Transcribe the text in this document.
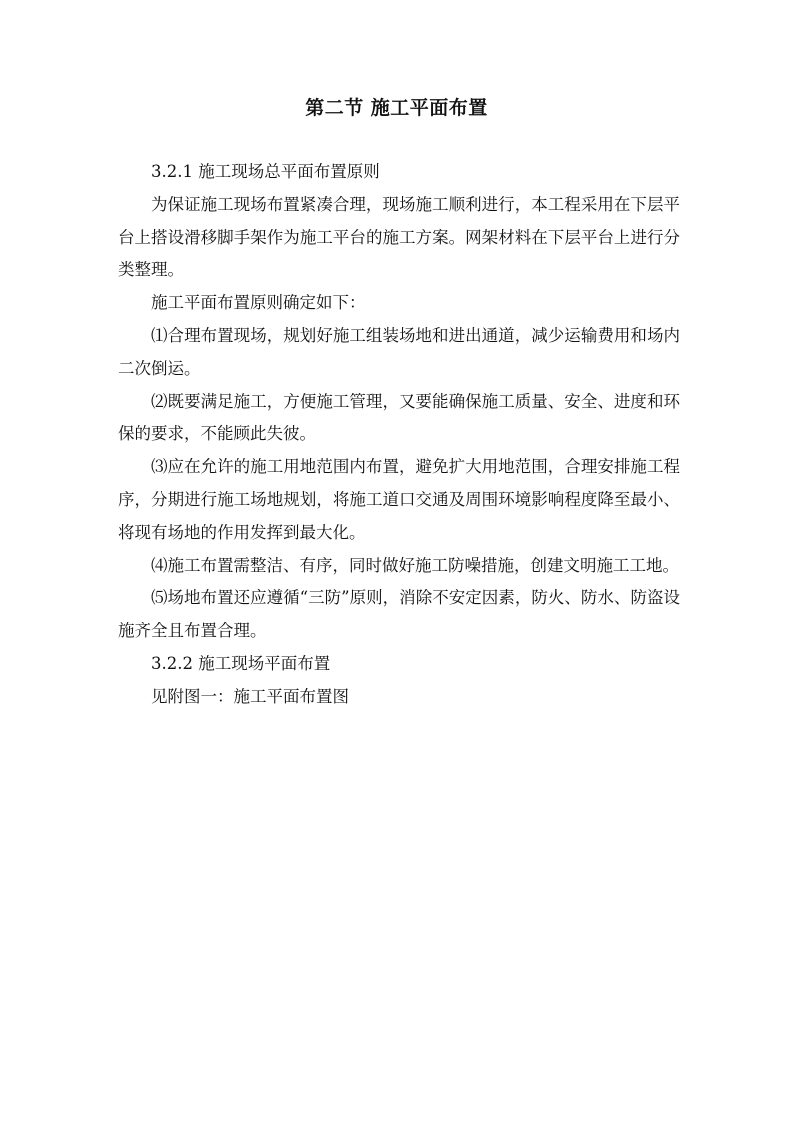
第二节 施工平面布置

3.2.1 施工现场总平面布置原则

为保证施工现场布置紧凑合理，现场施工顺利进行，本工程采用在下层平台上搭设滑移脚手架作为施工平台的施工方案。网架材料在下层平台上进行分类整理。

施工平面布置原则确定如下：

⑴合理布置现场，规划好施工组装场地和进出通道，减少运输费用和场内二次倒运。

⑵既要满足施工，方便施工管理，又要能确保施工质量、安全、进度和环保的要求，不能顾此失彼。

⑶应在允许的施工用地范围内布置，避免扩大用地范围，合理安排施工程序，分期进行施工场地规划，将施工道口交通及周围环境影响程度降至最小、将现有场地的作用发挥到最大化。

⑷施工布置需整洁、有序，同时做好施工防噪措施，创建文明施工工地。

⑸场地布置还应遵循“三防”原则，消除不安定因素，防火、防水、防盗设施齐全且布置合理。

3.2.2 施工现场平面布置

见附图一：施工平面布置图
